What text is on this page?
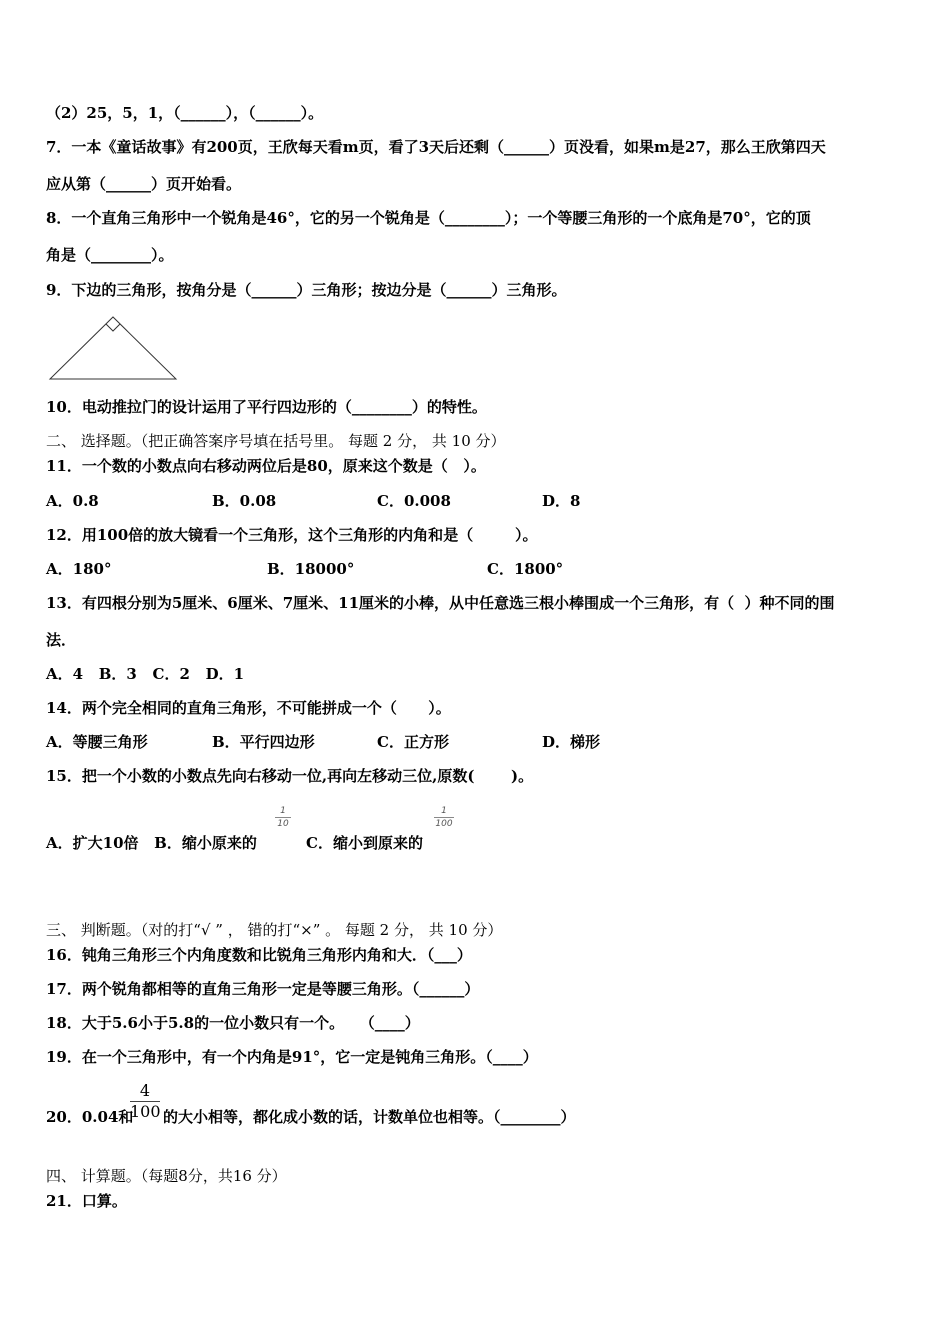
（2）25，5，1，（______），（______）。
7．一本《童话故事》有200页，王欣每天看m页，看了3天后还剩（______）页没看，如果m是27，那么王欣第四天
应从第（______）页开始看。
8．一个直角三角形中一个锐角是46°，它的另一个锐角是（________）；一个等腰三角形的一个底角是70°，它的顶
角是（________）。
9．下边的三角形，按角分是（______）三角形；按边分是（______）三角形。
10．电动推拉门的设计运用了平行四边形的（________）的特性。
二、 选择题。（把正确答案序号填在括号里。 每题 2 分， 共 10 分）
11．一个数的小数点向右移动两位后是80，原来这个数是（   ）。
A．0.8	B．0.08	C．0.008	D．8
12．用100倍的放大镜看一个三角形，这个三角形的内角和是（        ）。
A．180°	B．18000°	C．1800°
13．有四根分别为5厘米、6厘米、7厘米、11厘米的小棒，从中任意选三根小棒围成一个三角形，有（  ）种不同的围
法．
A．4   B．3   C．2   D．1
14．两个完全相同的直角三角形，不可能拼成一个（      ）。
A．等腰三角形	B．平行四边形	C．正方形	D．梯形
15．把一个小数的小数点先向右移动一位,再向左移动三位,原数(       )。
A．扩大10倍   B．缩小原来的
1
10
C．缩小到原来的
1
100
三、 判断题。（对的打“√ ” ， 错的打“×” 。 每题 2 分， 共 10 分）
16．钝角三角形三个内角度数和比锐角三角形内角和大．（___）
17．两个锐角都相等的直角三角形一定是等腰三角形。（______）
18．大于5.6小于5.8的一位小数只有一个。   （____）
19．在一个三角形中，有一个内角是91°，它一定是钝角三角形。（____）
20．0.04和
4
100 的大小相等，都化成小数的话，计数单位也相等。（________）
四、 计算题。（每题8分，共16 分）
21．口算。
